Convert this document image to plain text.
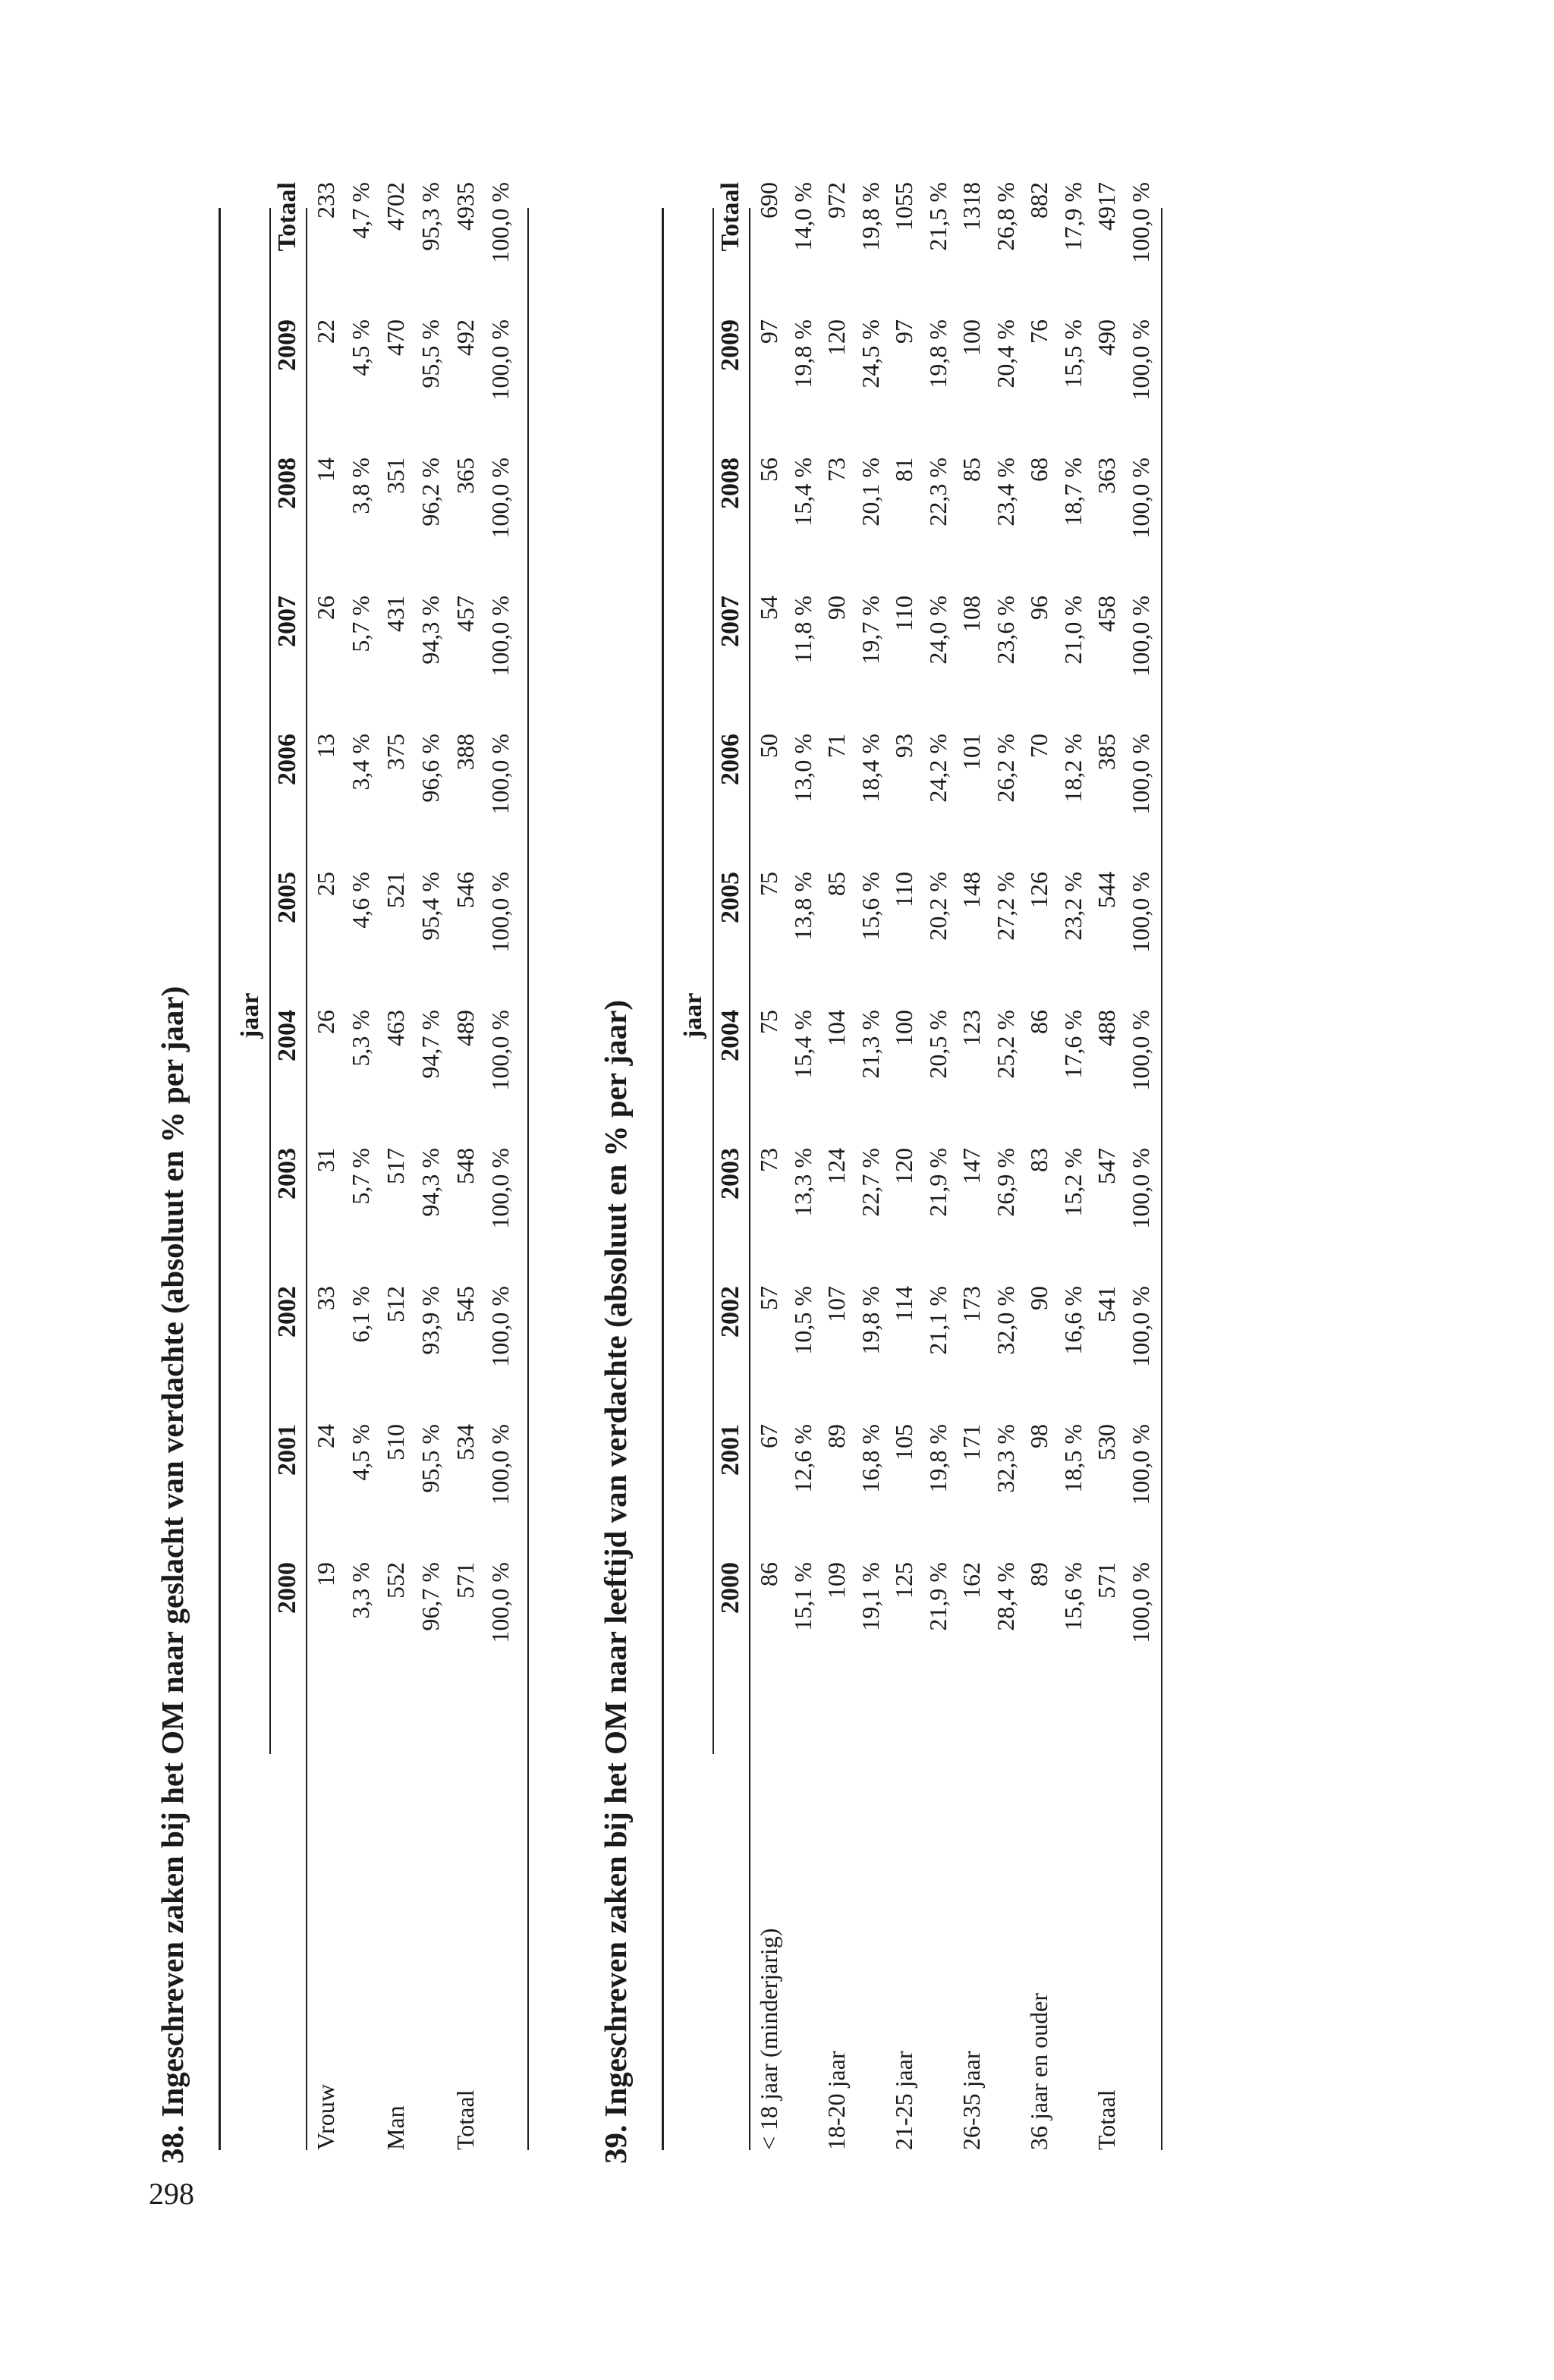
298
38. Ingeschreven zaken bij het OM naar geslacht van verdachte (absoluut en % per jaar) jaar
2000
2001
2002
2003
2004
2005
2006
2007
2008
2009
Totaal
Vrouw
19
24
33
31
26
25
13
26
14
22
233
3,3 %
4,5 %
6,1 %
5,7 %
5,3 %
4,6 %
3,4 %
5,7 %
3,8 %
4,5 %
4,7 %
Man
552
510
512
517
463
521
375
431
351
470
4702
96,7 %
95,5 %
93,9 %
94,3 %
94,7 %
95,4 %
96,6 %
94,3 %
96,2 %
95,5 %
95,3 %
Totaal
571
534
545
548
489
546
388
457
365
492
4935
100,0 %
100,0 %
100,0 %
100,0 %
100,0 %
100,0 %
100,0 %
100,0 %
100,0 %
100,0 %
100,0 %
39. Ingeschreven zaken bij het OM naar leeftijd van verdachte (absoluut en % per jaar) jaar
2000
2001
2002
2003
2004
2005
2006
2007
2008
2009
Totaal
< 18 jaar (minderjarig)
86
67
57
73
75
75
50
54
56
97
690
15,1 %
12,6 %
10,5 %
13,3 %
15,4 %
13,8 %
13,0 %
11,8 %
15,4 %
19,8 %
14,0 %
18-20 jaar
109
89
107
124
104
85
71
90
73
120
972
19,1 %
16,8 %
19,8 %
22,7 %
21,3 %
15,6 %
18,4 %
19,7 %
20,1 %
24,5 %
19,8 %
21-25 jaar
125
105
114
120
100
110
93
110
81
97
1055
21,9 %
19,8 %
21,1 %
21,9 %
20,5 %
20,2 %
24,2 %
24,0 %
22,3 %
19,8 %
21,5 %
26-35 jaar
162
171
173
147
123
148
101
108
85
100
1318
28,4 %
32,3 %
32,0 %
26,9 %
25,2 %
27,2 %
26,2 %
23,6 %
23,4 %
20,4 %
26,8 %
36 jaar en ouder
89
98
90
83
86
126
70
96
68
76
882
15,6 %
18,5 %
16,6 %
15,2 %
17,6 %
23,2 %
18,2 %
21,0 %
18,7 %
15,5 %
17,9 %
Totaal
571
530
541
547
488
544
385
458
363
490
4917
100,0 %
100,0 %
100,0 %
100,0 %
100,0 %
100,0 %
100,0 %
100,0 %
100,0 %
100,0 %
100,0 %
